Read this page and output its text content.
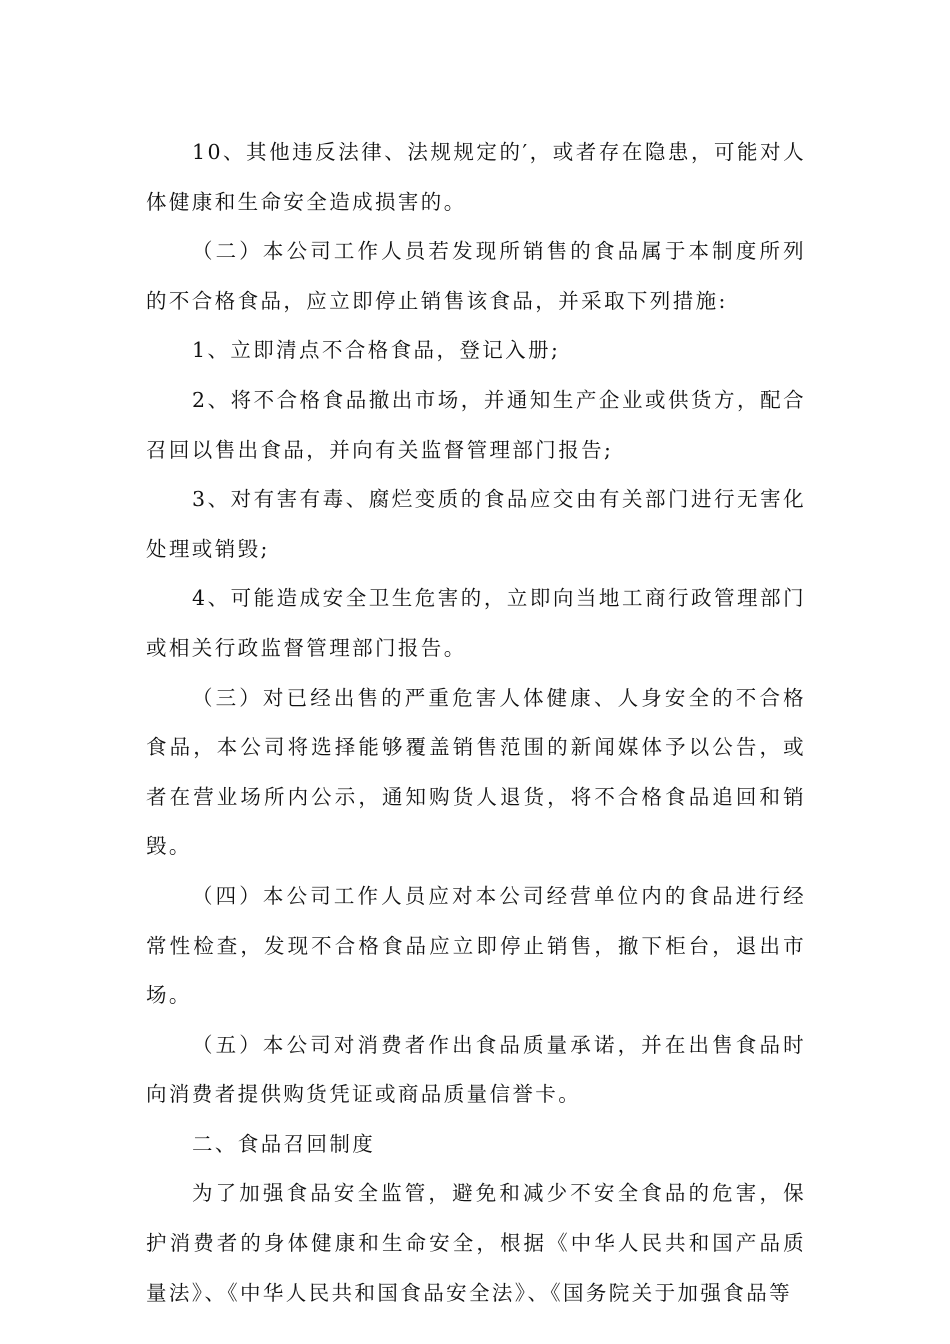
10、其他违反法律、法规规定的′，或者存在隐患，可能对人体健康和生命安全造成损害的。

（二）本公司工作人员若发现所销售的食品属于本制度所列的不合格食品，应立即停止销售该食品，并采取下列措施:

1、立即清点不合格食品，登记入册;

2、将不合格食品撤出市场，并通知生产企业或供货方，配合召回以售出食品，并向有关监督管理部门报告;

3、对有害有毒、腐烂变质的食品应交由有关部门进行无害化处理或销毁;

4、可能造成安全卫生危害的，立即向当地工商行政管理部门或相关行政监督管理部门报告。

（三）对已经出售的严重危害人体健康、人身安全的不合格食品，本公司将选择能够覆盖销售范围的新闻媒体予以公告，或者在营业场所内公示，通知购货人退货，将不合格食品追回和销毁。

（四）本公司工作人员应对本公司经营单位内的食品进行经常性检查，发现不合格食品应立即停止销售，撤下柜台，退出市场。

（五）本公司对消费者作出食品质量承诺，并在出售食品时向消费者提供购货凭证或商品质量信誉卡。

二、食品召回制度

为了加强食品安全监管，避免和减少不安全食品的危害，保护消费者的身体健康和生命安全，根据《中华人民共和国产品质量法》、《中华人民共和国食品安全法》、《国务院关于加强食品等
